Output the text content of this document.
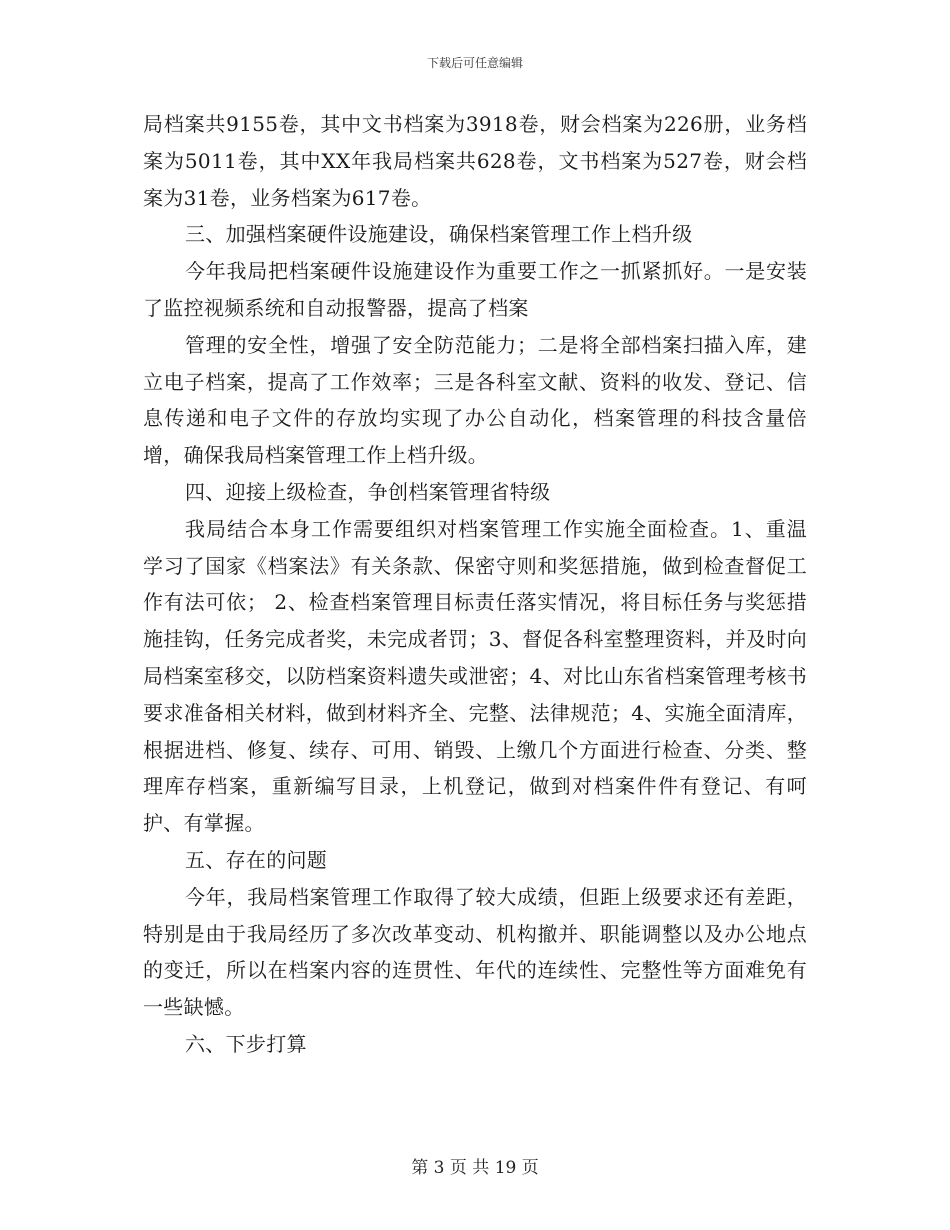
下载后可任意编辑

局档案共9155卷，其中文书档案为3918卷，财会档案为226册，业务档案为5011卷，其中XX年我局档案共628卷，文书档案为527卷，财会档案为31卷，业务档案为617卷。

三、加强档案硬件设施建设，确保档案管理工作上档升级

今年我局把档案硬件设施建设作为重要工作之一抓紧抓好。一是安装了监控视频系统和自动报警器，提高了档案

管理的安全性，增强了安全防范能力；二是将全部档案扫描入库，建立电子档案，提高了工作效率；三是各科室文献、资料的收发、登记、信息传递和电子文件的存放均实现了办公自动化，档案管理的科技含量倍增，确保我局档案管理工作上档升级。

四、迎接上级检查，争创档案管理省特级

我局结合本身工作需要组织对档案管理工作实施全面检查。1、重温学习了国家《档案法》有关条款、保密守则和奖惩措施，做到检查督促工作有法可依； 2、检查档案管理目标责任落实情况，将目标任务与奖惩措施挂钩，任务完成者奖，未完成者罚；3、督促各科室整理资料，并及时向局档案室移交，以防档案资料遗失或泄密；4、对比山东省档案管理考核书要求准备相关材料，做到材料齐全、完整、法律规范；4、实施全面清库，根据进档、修复、续存、可用、销毁、上缴几个方面进行检查、分类、整理库存档案，重新编写目录，上机登记，做到对档案件件有登记、有呵护、有掌握。

五、存在的问题

今年，我局档案管理工作取得了较大成绩，但距上级要求还有差距，特别是由于我局经历了多次改革变动、机构撤并、职能调整以及办公地点的变迁，所以在档案内容的连贯性、年代的连续性、完整性等方面难免有一些缺憾。

六、下步打算

第 3 页 共 19 页
